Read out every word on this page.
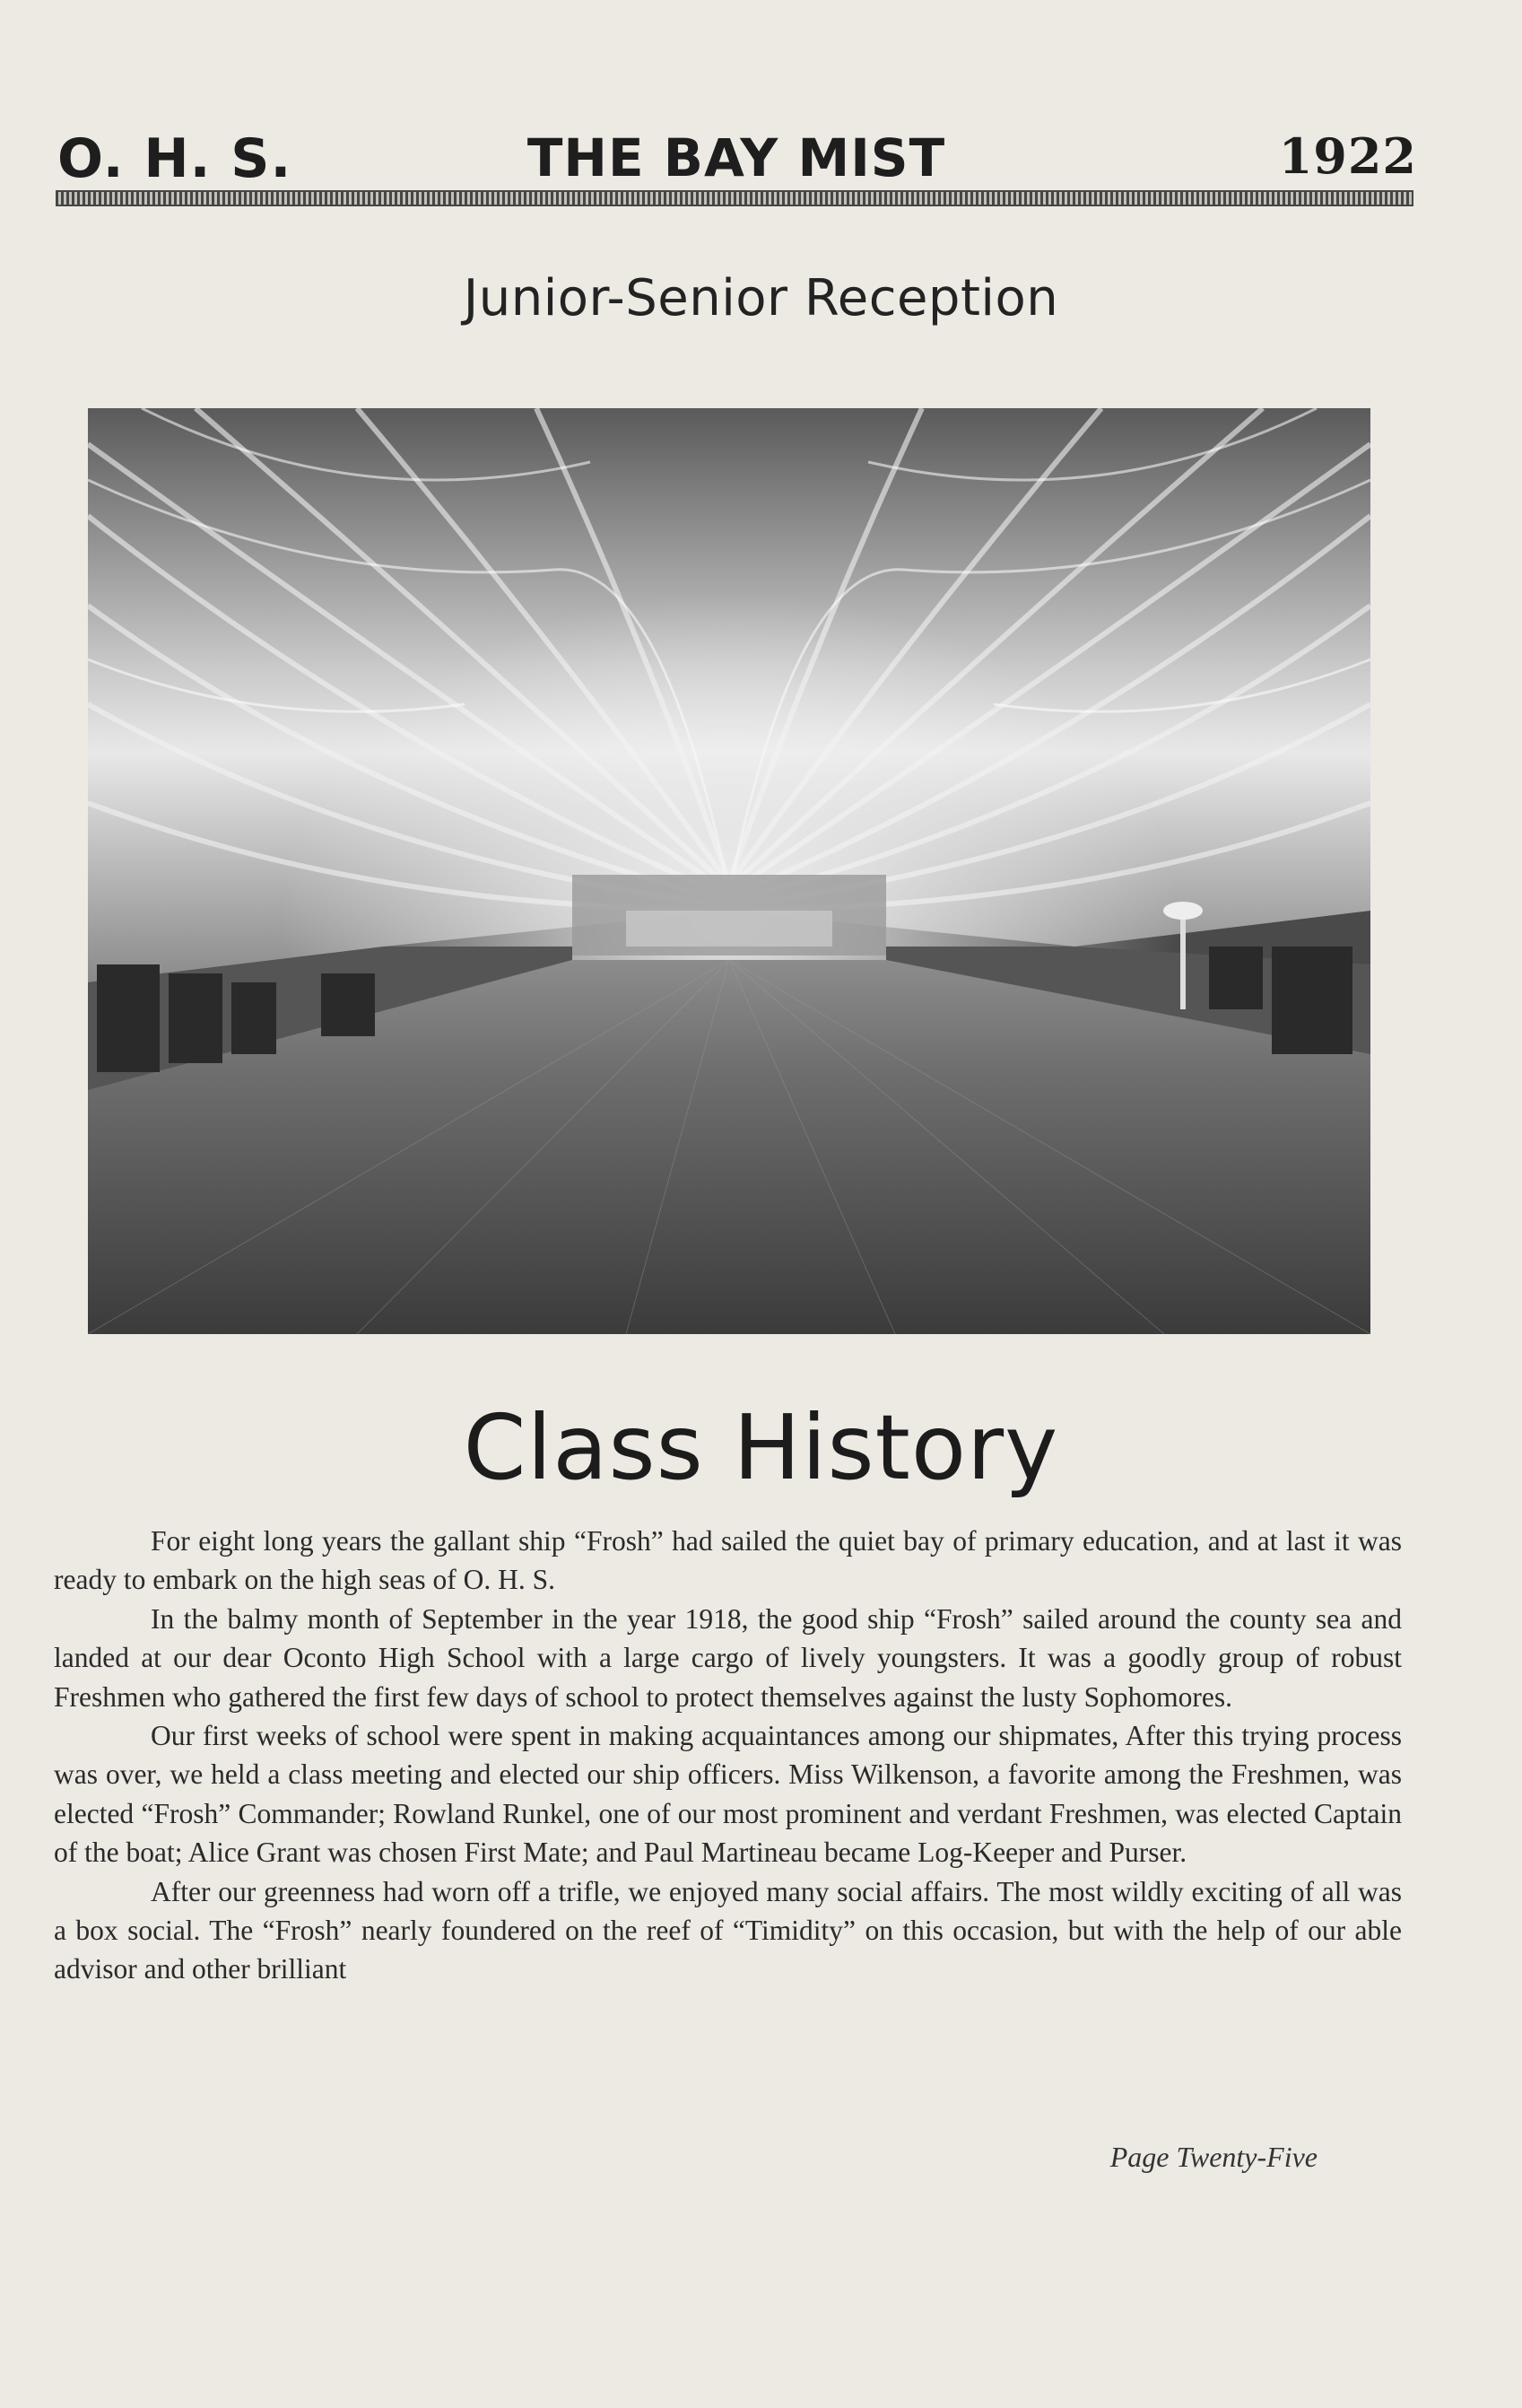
O. H. S.	THE BAY MIST	1922
Junior-Senior Reception
Class History

For eight long years the gallant ship “Frosh” had sailed the quiet bay of primary education, and at last it was ready to embark on the high seas of O. H. S.

In the balmy month of September in the year 1918, the good ship “Frosh” sailed around the county sea and landed at our dear Oconto High School with a large cargo of lively youngsters. It was a goodly group of robust Freshmen who gathered the first few days of school to protect themselves against the lusty Sophomores.

Our first weeks of school were spent in making acquaintances among our shipmates, After this trying process was over, we held a class meeting and elected our ship officers. Miss Wilkenson, a favorite among the Freshmen, was elected “Frosh” Commander; Rowland Runkel, one of our most prominent and verdant Freshmen, was elected Captain of the boat; Alice Grant was chosen First Mate; and Paul Martineau became Log-Keeper and Purser.

After our greenness had worn off a trifle, we enjoyed many social affairs. The most wildly exciting of all was a box social. The “Frosh” nearly foundered on the reef of “Timidity” on this occasion, but with the help of our able advisor and other brilliant

Page Twenty-Five
